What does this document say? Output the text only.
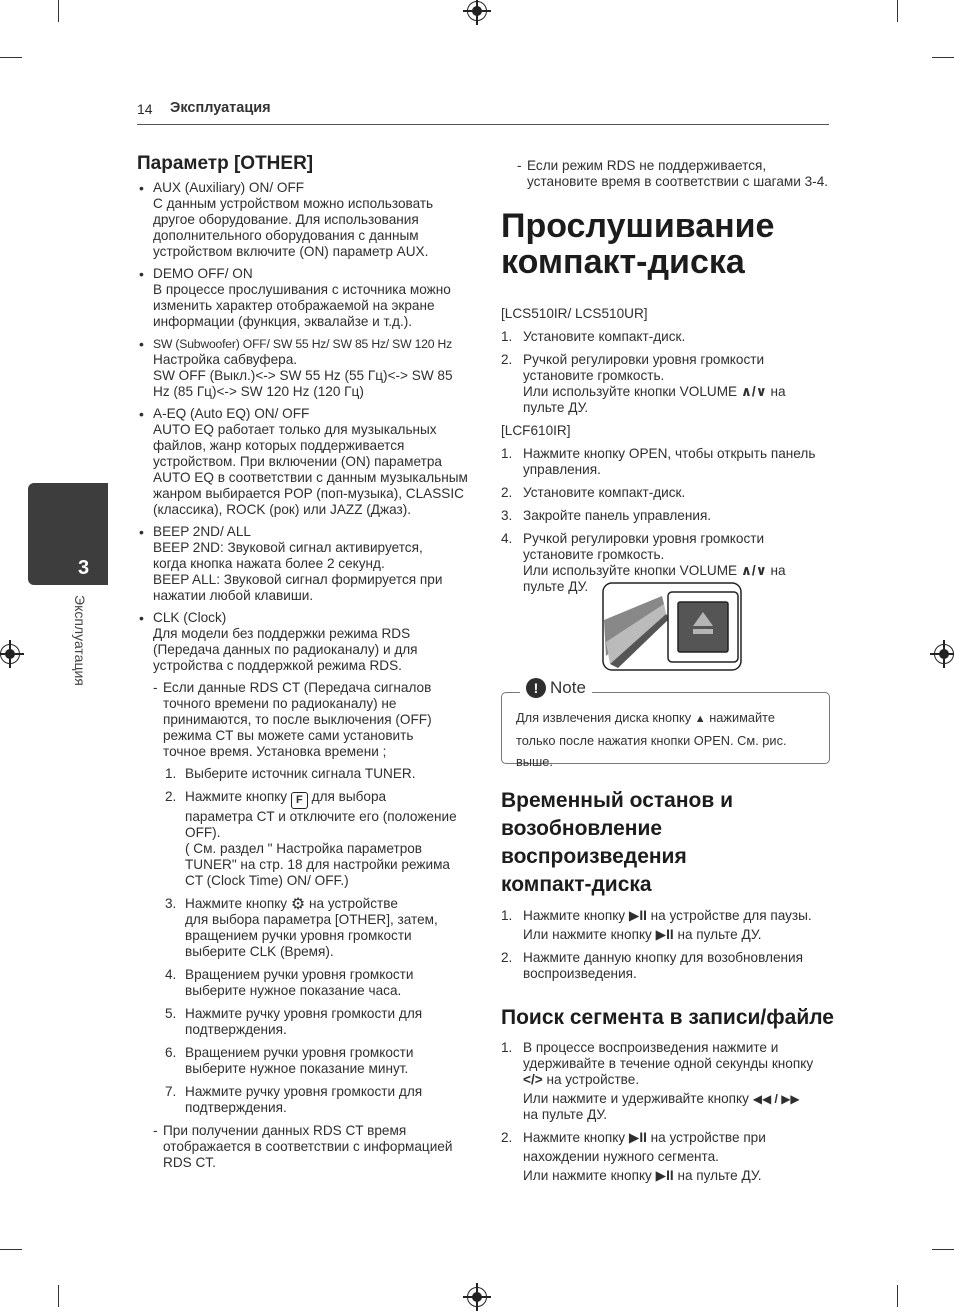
14 Эксплуатация
3
Эксплуатация
Параметр [OTHER]

• AUX (Auxiliary) ON/ OFF

С данным устройством можно использовать

другое оборудование. Для использования

дополнительного оборудования с данным

устройством включите (ON) параметр AUX.

• DEMO OFF/ ON

В процессе прослушивания с источника можно

изменить характер отображаемой на экране

информации (функция, эквалайзе и т.д.).

• SW (Subwoofer) OFF/ SW 55 Hz/ SW 85 Hz/ SW 120 Hz

Настройка сабвуфера.

SW OFF (Выкл.)<-> SW 55 Hz (55 Гц)<-> SW 85

Hz (85 Гц)<-> SW 120 Hz (120 Гц)

• A-EQ (Auto EQ) ON/ OFF

AUTO EQ работает только для музыкальных

файлов, жанр которых поддерживается

устройством. При включении (ON) параметра

AUTO EQ в соответствии с данным музыкальным

жанром выбирается POP (поп-музыка), CLASSIC

(классика), ROCK (рок) или JAZZ (Джаз).

• BEEP 2ND/ ALL

BEEP 2ND: Звуковой сигнал активируется,

когда кнопка нажата более 2 секунд.

BEEP ALL: Звуковой сигнал формируется при

нажатии любой клавиши.

• CLK (Clock)

Для модели без поддержки режима RDS

(Передача данных по радиоканалу) и для

устройства с поддержкой режима RDS.

- Если данные RDS CT (Передача сигналов

точного времени по радиоканалу) не

принимаются, то после выключения (OFF)

режима CT вы можете сами установить

точное время. Установка времени ;

1. Выберите источник сигнала TUNER.

2. Нажмите кнопку F для выбора

параметра CT и отключите его (положение

OFF).

( См. раздел " Настройка параметров

TUNER" на стр. 18 для настройки режима

CT (Clock Time) ON/ OFF.)

3. Нажмите кнопку ⚙ на устройстве

для выбора параметра [OTHER], затем,

вращением ручки уровня громкости

выберите CLK (Время).

4. Вращением ручки уровня громкости

выберите нужное показание часа.

5. Нажмите ручку уровня громкости для

подтверждения.

6. Вращением ручки уровня громкости

выберите нужное показание минут.

7. Нажмите ручку уровня громкости для

подтверждения.

- При получении данных RDS CT время

отображается в соответствии с информацией

RDS CT.

- Если режим RDS не поддерживается,

установите время в соответствии с шагами 3-4.

Прослушивание

компакт-диска

[LCS510IR/ LCS510UR]

1. Установите компакт-диск.

2. Ручкой регулировки уровня громкости

установите громкость.

Или используйте кнопки VOLUME ∧/∨ на

пульте ДУ.

[LCF610IR]

1. Нажмите кнопку OPEN, чтобы открыть панель

управления.

2. Установите компакт-диск.

3. Закройте панель управления.

4. Ручкой регулировки уровня громкости

установите громкость.

Или используйте кнопки VOLUME ∧/∨ на

пульте ДУ.

! Note

Для извлечения диска кнопку ▲ нажимайте

только после нажатия кнопки OPEN. См. рис. выше.

Временный останов и

возобновление воспроизведения

компакт-диска

1. Нажмите кнопку ▶II на устройстве для паузы.

Или нажмите кнопку ▶II на пульте ДУ.

2. Нажмите данную кнопку для возобновления

воспроизведения.

Поиск сегмента в записи/файле
1. В процессе воспроизведения нажмите и

удерживайте в течение одной секунды кнопку

</> на устройстве.

Или нажмите и удерживайте кнопку ◀◀ / ▶▶

на пульте ДУ.

2. Нажмите кнопку ▶II на устройстве при

нахождении нужного сегмента.

Или нажмите кнопку ▶II на пульте ДУ.
